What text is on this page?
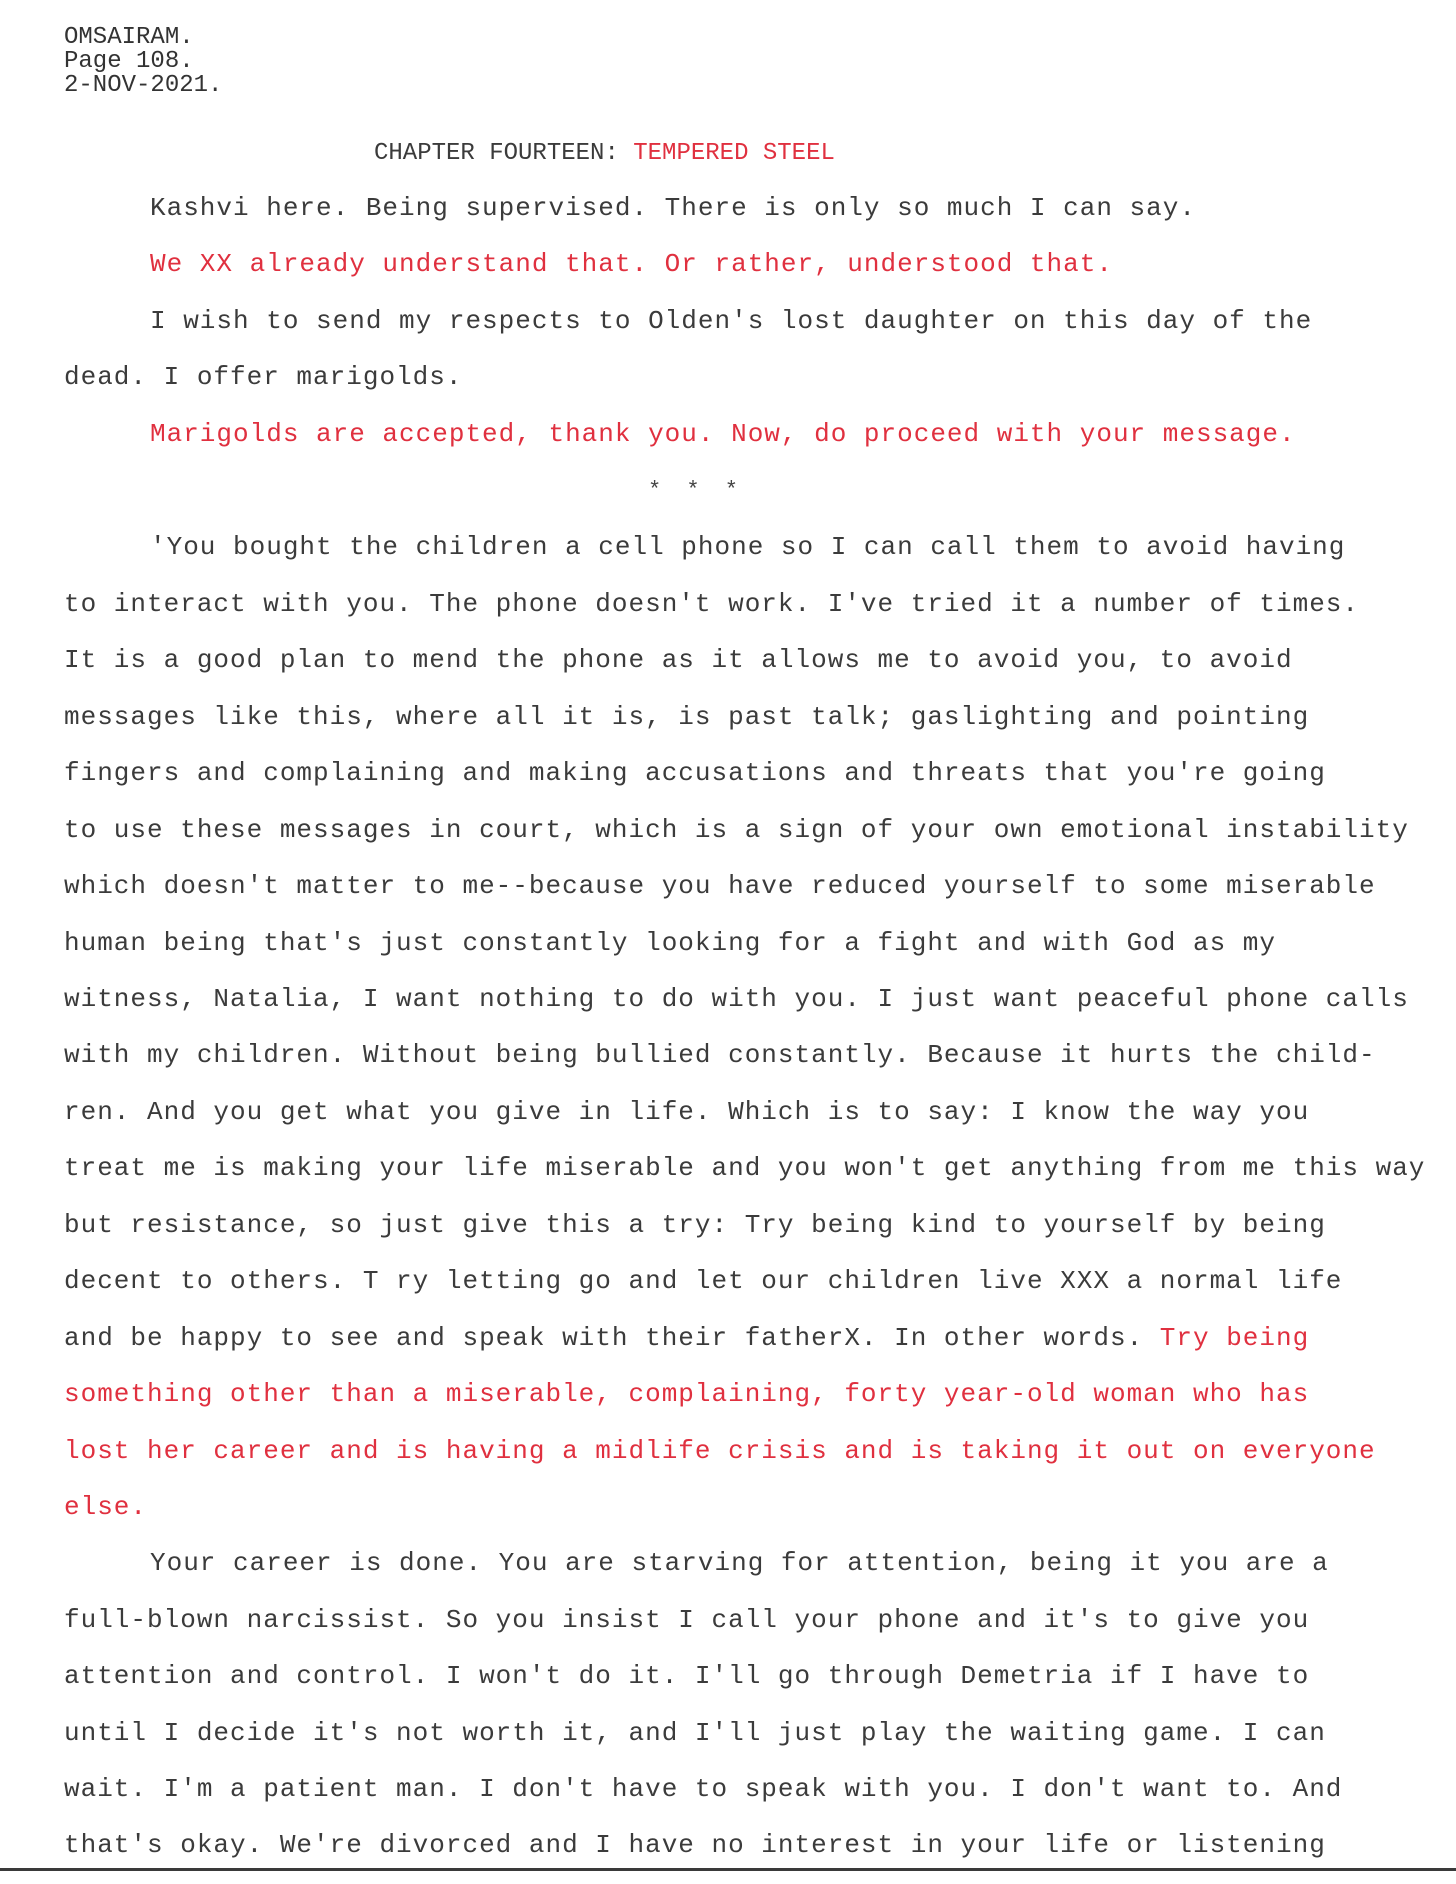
OMSAIRAM.
Page 108.
2-NOV-2021.
CHAPTER FOURTEEN: TEMPERED STEEL
Kashvi here. Being supervised. There is only so much I can say.
We XX already understand that. Or rather, understood that.
I wish to send my respects to Olden's lost daughter on this day of the
dead. I offer marigolds.
Marigolds are accepted, thank you. Now, do proceed with your message.
* * *
'You bought the children a cell phone so I can call them to avoid having
to interact with you. The phone doesn't work. I've tried it a number of times.
It is a good plan to mend the phone as it allows me to avoid you, to avoid
messages like this, where all it is, is past talk; gaslighting and pointing
fingers and complaining and making accusations and threats that you're going
to use these messages in court, which is a sign of your own emotional instability
which doesn't matter to me--because you have reduced yourself to some miserable
human being that's just constantly looking for a fight and with God as my
witness, Natalia, I want nothing to do with you. I just want peaceful phone calls
with my children. Without being bullied constantly. Because it hurts the child-
ren. And you get what you give in life. Which is to say: I know the way you
treat me is making your life miserable and you won't get anything from me this way
but resistance, so just give this a try: Try being kind to yourself by being
decent to others. T ry letting go and let our children live XXX a normal life
and be happy to see and speak with their fatherX. In other words. Try being
something other than a miserable, complaining, forty year-old woman who has
lost her career and is having a midlife crisis and is taking it out on everyone
else.
Your career is done. You are starving for attention, being it you are a
full-blown narcissist. So you insist I call your phone and it's to give you
attention and control. I won't do it. I'll go through Demetria if I have to
until I decide it's not worth it, and I'll just play the waiting game. I can
wait. I'm a patient man. I don't have to speak with you. I don't want to. And
that's okay. We're divorced and I have no interest in your life or listening
